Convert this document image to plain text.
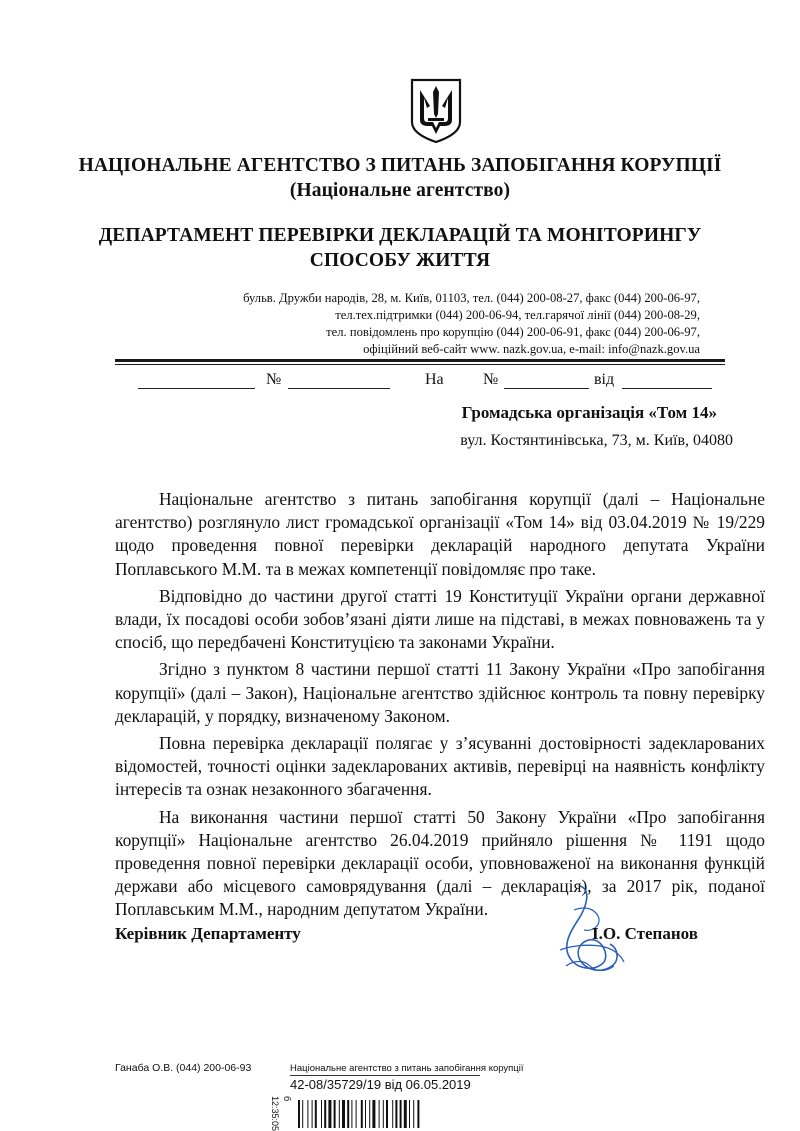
НАЦІОНАЛЬНЕ АГЕНТСТВО З ПИТАНЬ ЗАПОБІГАННЯ КОРУПЦІЇ
(Національне агентство)
ДЕПАРТАМЕНТ ПЕРЕВІРКИ ДЕКЛАРАЦІЙ ТА МОНІТОРИНГУ
СПОСОБУ ЖИТТЯ
бульв. Дружби народів, 28, м. Київ, 01103, тел. (044) 200-08-27, факс (044) 200-06-97,
тел.тех.підтримки (044) 200-06-94, тел.гарячої лінії (044) 200-08-29,
тел. повідомлень про корупцію (044) 200-06-91, факс (044) 200-06-97,
офіційний веб-сайт www. nazk.gov.ua, e-mail: info@nazk.gov.ua
№	На №	від
Громадська організація «Том 14»
вул. Костянтинівська, 73, м. Київ, 04080

Національне агентство з питань запобігання корупції (далі – Національне агентство) розглянуло лист громадської організації «Том 14» від 03.04.2019 № 19/229 щодо проведення повної перевірки декларацій народного депутата України Поплавського М.М. та в межах компетенції повідомляє про таке.

Відповідно до частини другої статті 19 Конституції України органи державної влади, їх посадові особи зобов’язані діяти лише на підставі, в межах повноважень та у спосіб, що передбачені Конституцією та законами України.

Згідно з пунктом 8 частини першої статті 11 Закону України «Про запобігання корупції» (далі – Закон), Національне агентство здійснює контроль та повну перевірку декларацій, у порядку, визначеному Законом.

Повна перевірка декларації полягає у з’ясуванні достовірності задекларованих відомостей, точності оцінки задекларованих активів, перевірці на наявність конфлікту інтересів та ознак незаконного збагачення.

На виконання частини першої статті 50 Закону України «Про запобігання корупції» Національне агентство 26.04.2019 прийняло рішення № 1191 щодо проведення повної перевірки декларації особи, уповноваженої на виконання функцій держави або місцевого самоврядування (далі – декларація), за 2017 рік, поданої Поплавським М.М., народним депутатом України.

Керівник Департаменту	І.О. Степанов
Ганаба О.В. (044) 200-06-93	Національне агентство з питань запобігання корупції
42-08/35729/19 від 06.05.2019
12:35:05 б
